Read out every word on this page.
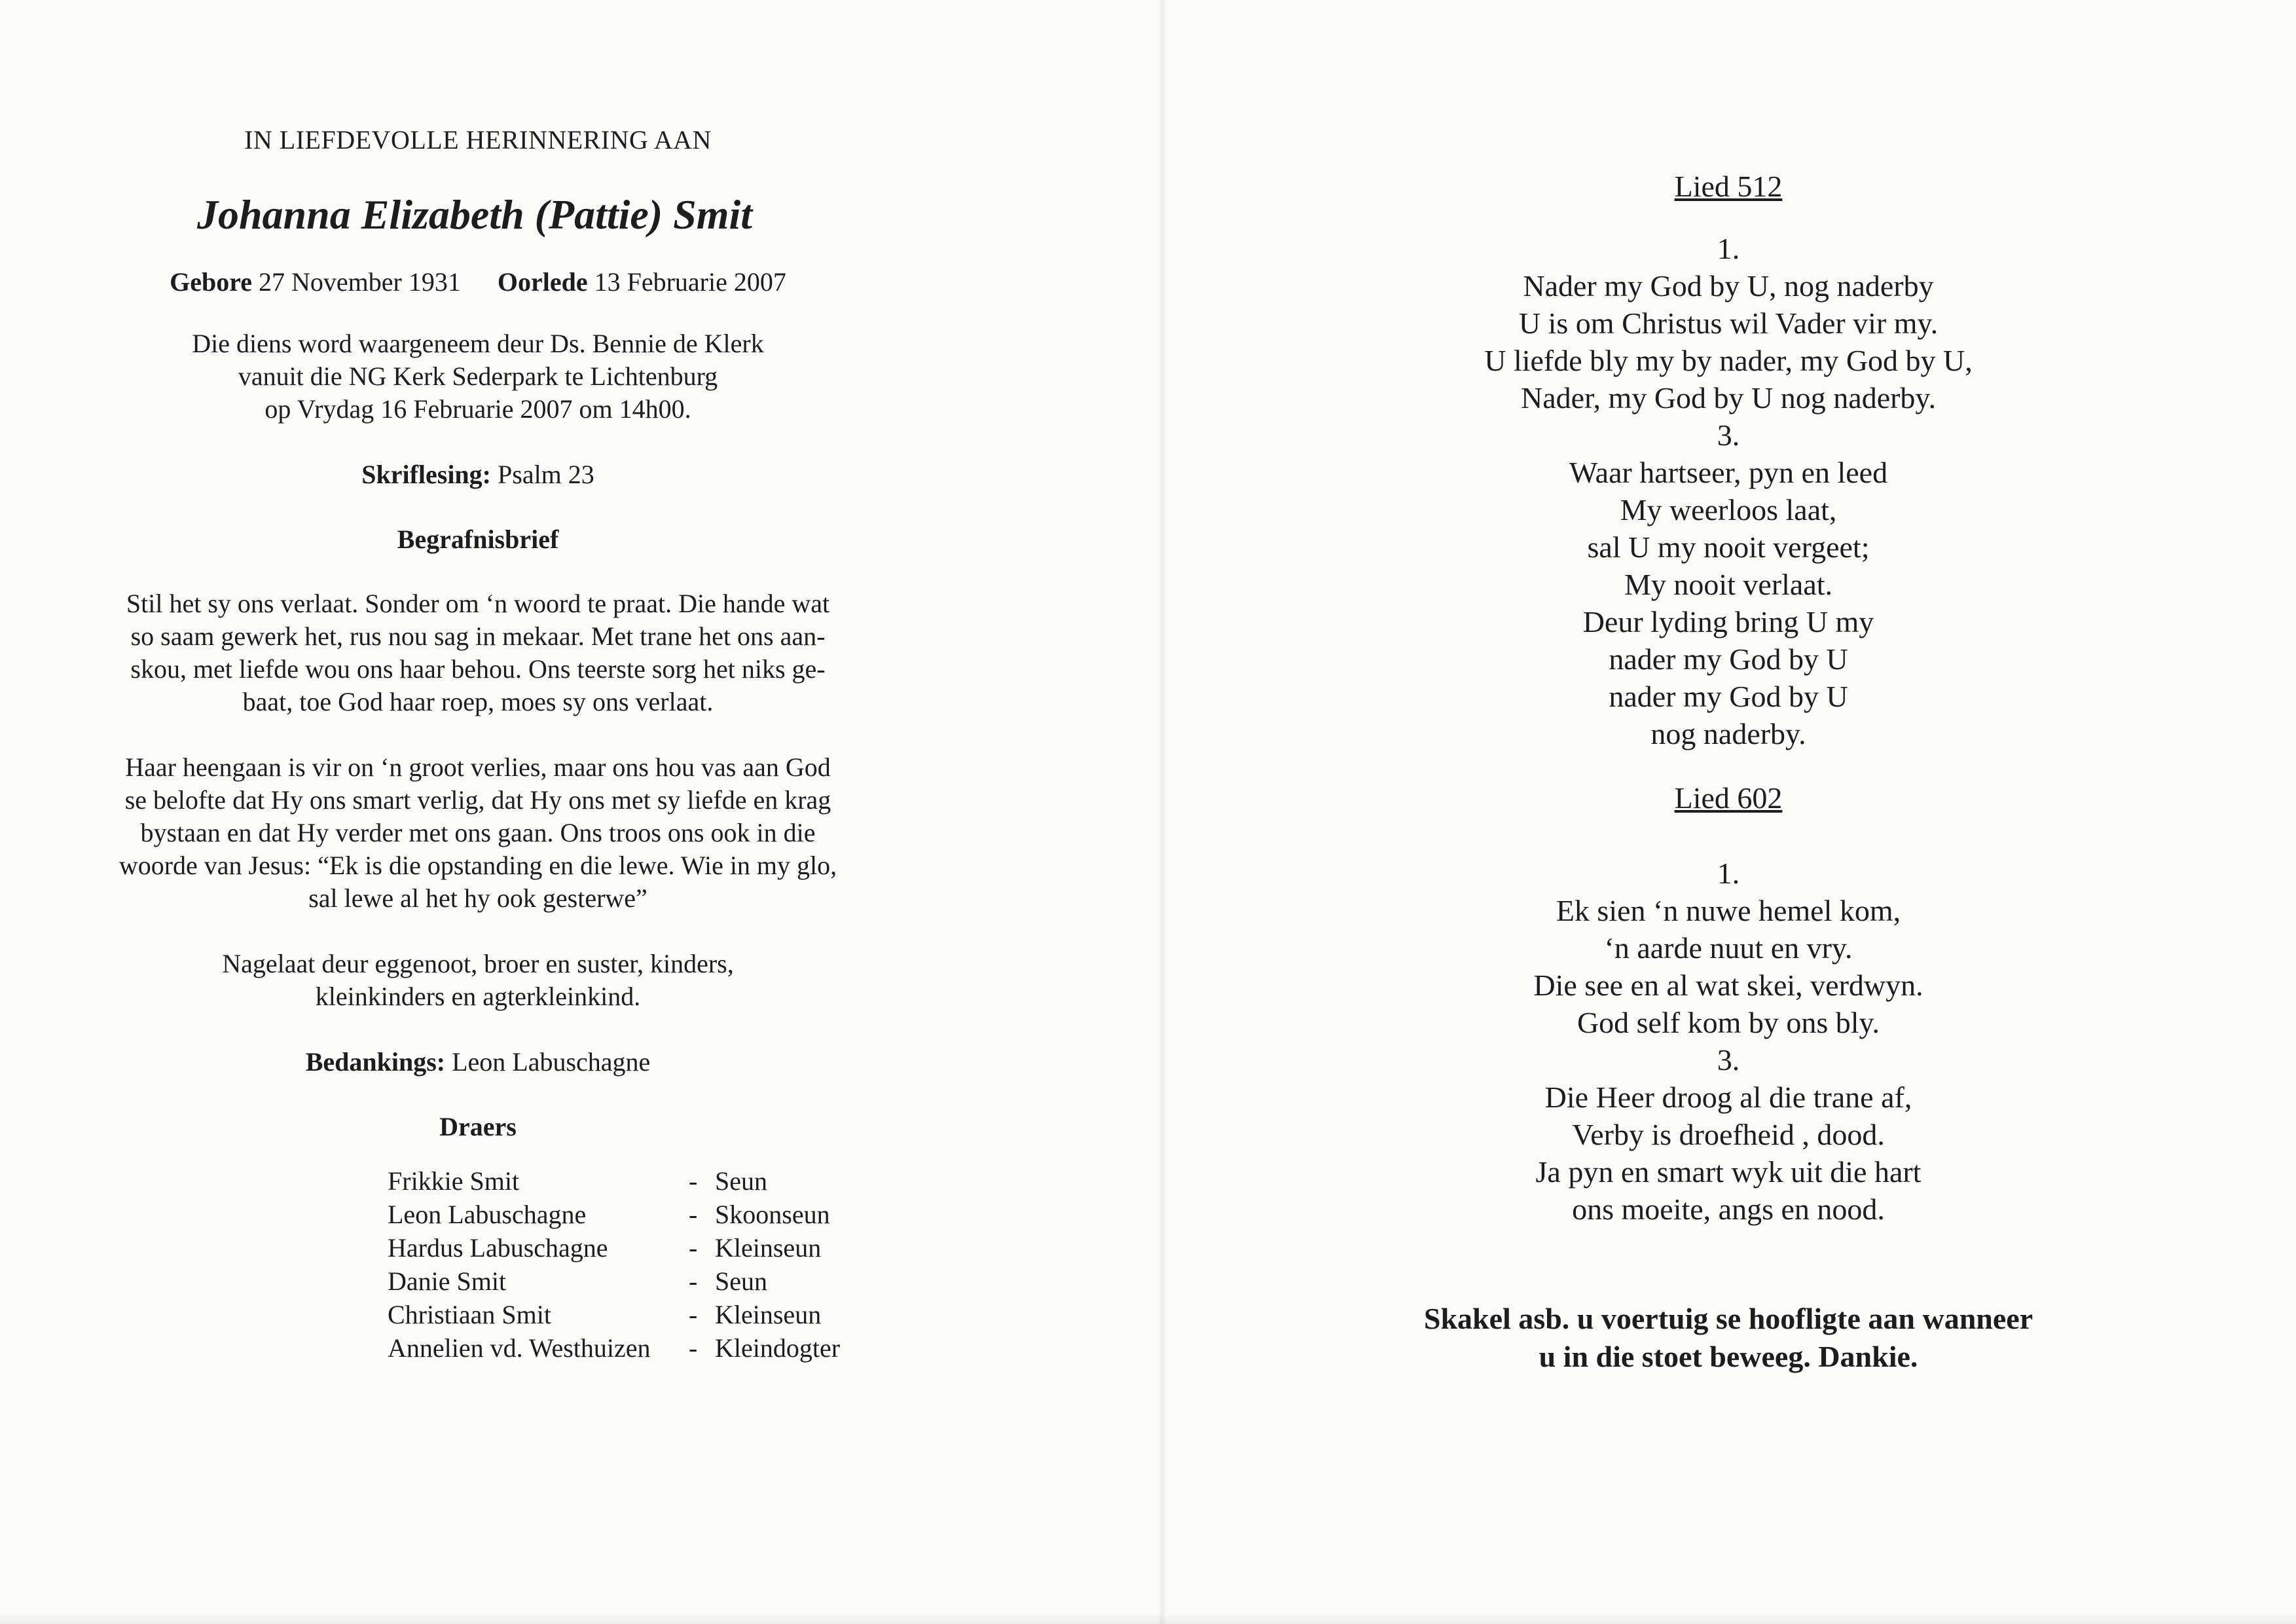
IN LIEFDEVOLLE HERINNERING AAN
Johanna Elizabeth (Pattie) Smit
Gebore 27 November 1931 Oorlede 13 Februarie 2007
Die diens word waargeneem deur Ds. Bennie de Klerk
vanuit die NG Kerk Sederpark te Lichtenburg
op Vrydag 16 Februarie 2007 om 14h00.
Skriflesing: Psalm 23
Begrafnisbrief
Stil het sy ons verlaat. Sonder om ‘n woord te praat. Die hande wat
so saam gewerk het, rus nou sag in mekaar. Met trane het ons aan-
skou, met liefde wou ons haar behou. Ons teerste sorg het niks ge-
baat, toe God haar roep, moes sy ons verlaat.
Haar heengaan is vir on ‘n groot verlies, maar ons hou vas aan God
se belofte dat Hy ons smart verlig, dat Hy ons met sy liefde en krag
bystaan en dat Hy verder met ons gaan. Ons troos ons ook in die
woorde van Jesus: “Ek is die opstanding en die lewe. Wie in my glo,
sal lewe al het hy ook gesterwe”
Nagelaat deur eggenoot, broer en suster, kinders,
kleinkinders en agterkleinkind.
Bedankings: Leon Labuschagne
Draers
Frikkie Smit	- Seun
Leon Labuschagne	- Skoonseun
Hardus Labuschagne	- Kleinseun
Danie Smit	- Seun
Christiaan Smit	- Kleinseun
Annelien vd. Westhuizen	- Kleindogter
Lied 512
1.
Nader my God by U, nog naderby
U is om Christus wil Vader vir my.
U liefde bly my by nader, my God by U,
Nader, my God by U nog naderby.
3.
Waar hartseer, pyn en leed
My weerloos laat,
sal U my nooit vergeet;
My nooit verlaat.
Deur lyding bring U my
nader my God by U
nader my God by U
nog naderby.
Lied 602
1.
Ek sien ‘n nuwe hemel kom,
‘n aarde nuut en vry.
Die see en al wat skei, verdwyn.
God self kom by ons bly.
3.
Die Heer droog al die trane af,
Verby is droefheid , dood.
Ja pyn en smart wyk uit die hart
ons moeite, angs en nood.
Skakel asb. u voertuig se hoofligte aan wanneer
u in die stoet beweeg. Dankie.
